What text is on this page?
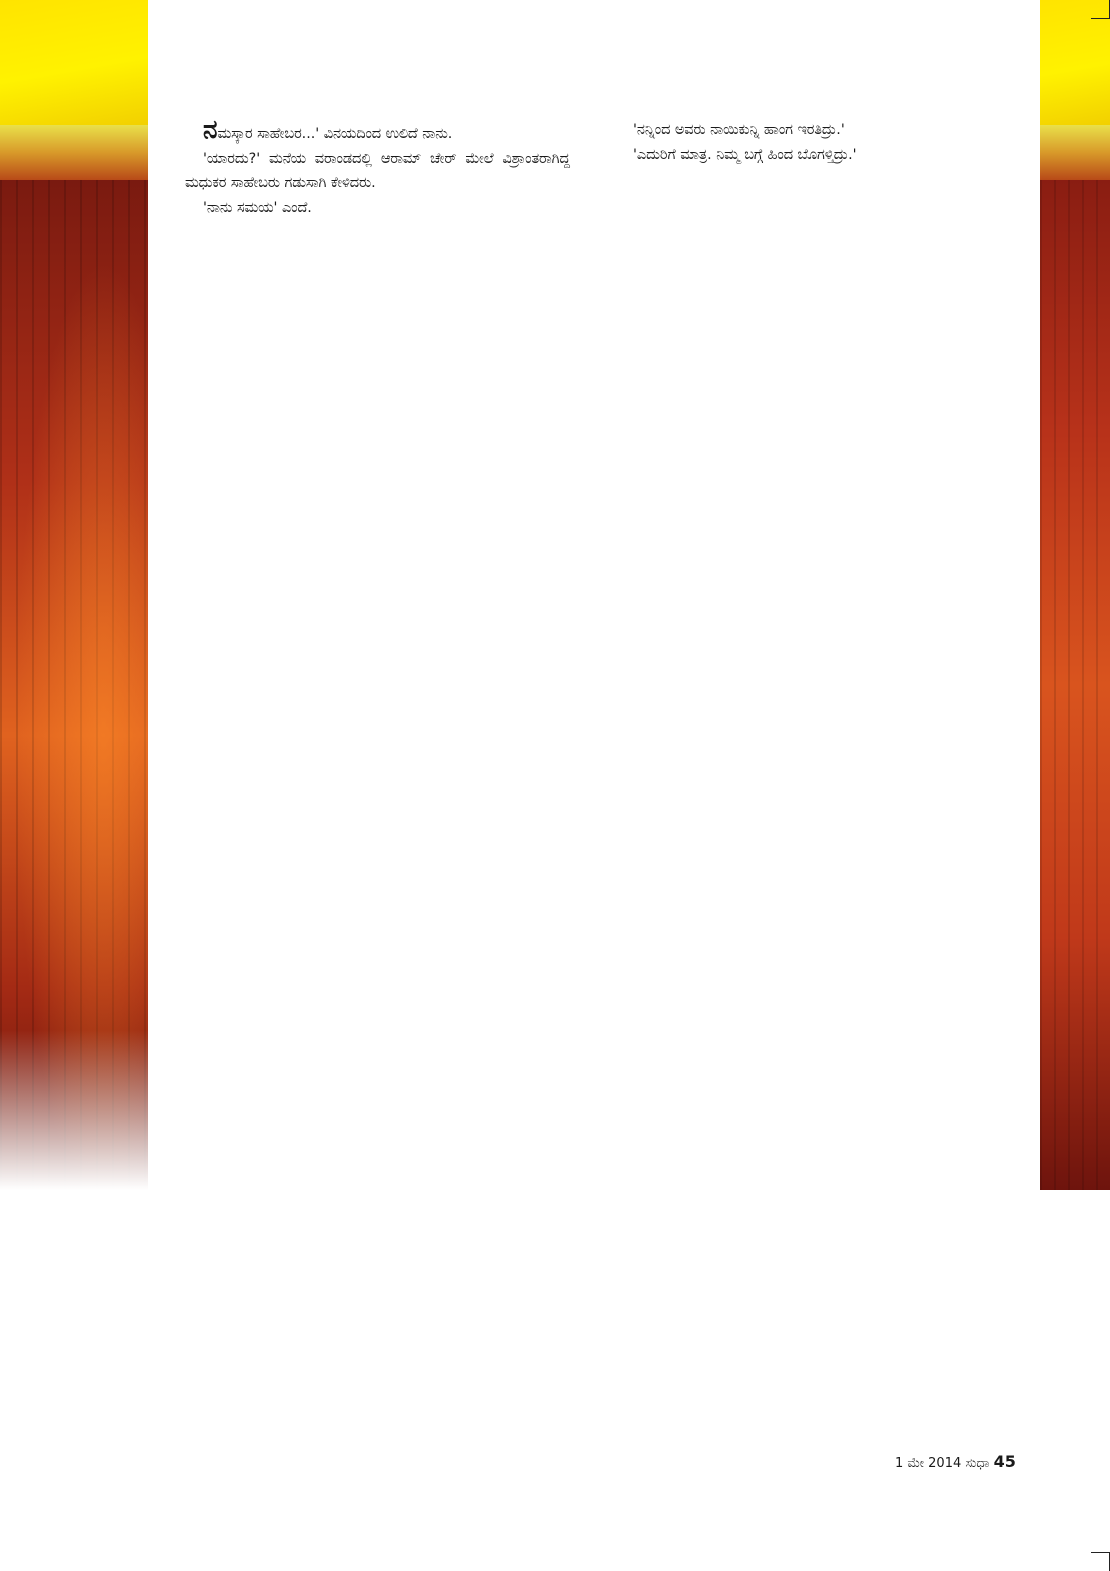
ನಮಸ್ಕಾರ ಸಾಹೇಬರ...' ವಿನಯದಿಂದ ಉಲಿದೆ ನಾನು.

'ಯಾರದು?' ಮನೆಯ ವರಾಂಡದಲ್ಲಿ ಆರಾಮ್ ಚೇರ್ ಮೇಲೆ ವಿಶ್ರಾಂತರಾಗಿದ್ದ ಮಧುಕರ ಸಾಹೇಬರು ಗಡುಸಾಗಿ ಕೇಳಿದರು.

'ನಾನು ಸಮಯ' ಎಂದೆ.

'ನನ್ನಿಂದ ಅವರು ನಾಯಿಕುನ್ನಿ ಹಾಂಗ ಇರತಿದ್ರು.'

'ಎದುರಿಗೆ ಮಾತ್ರ. ನಿಮ್ಮ ಬಗ್ಗೆ ಹಿಂದ ಬೊಗಳ್ತಿದ್ರು.'

1 ಮೇ 2014 ಸುಧಾ 45
